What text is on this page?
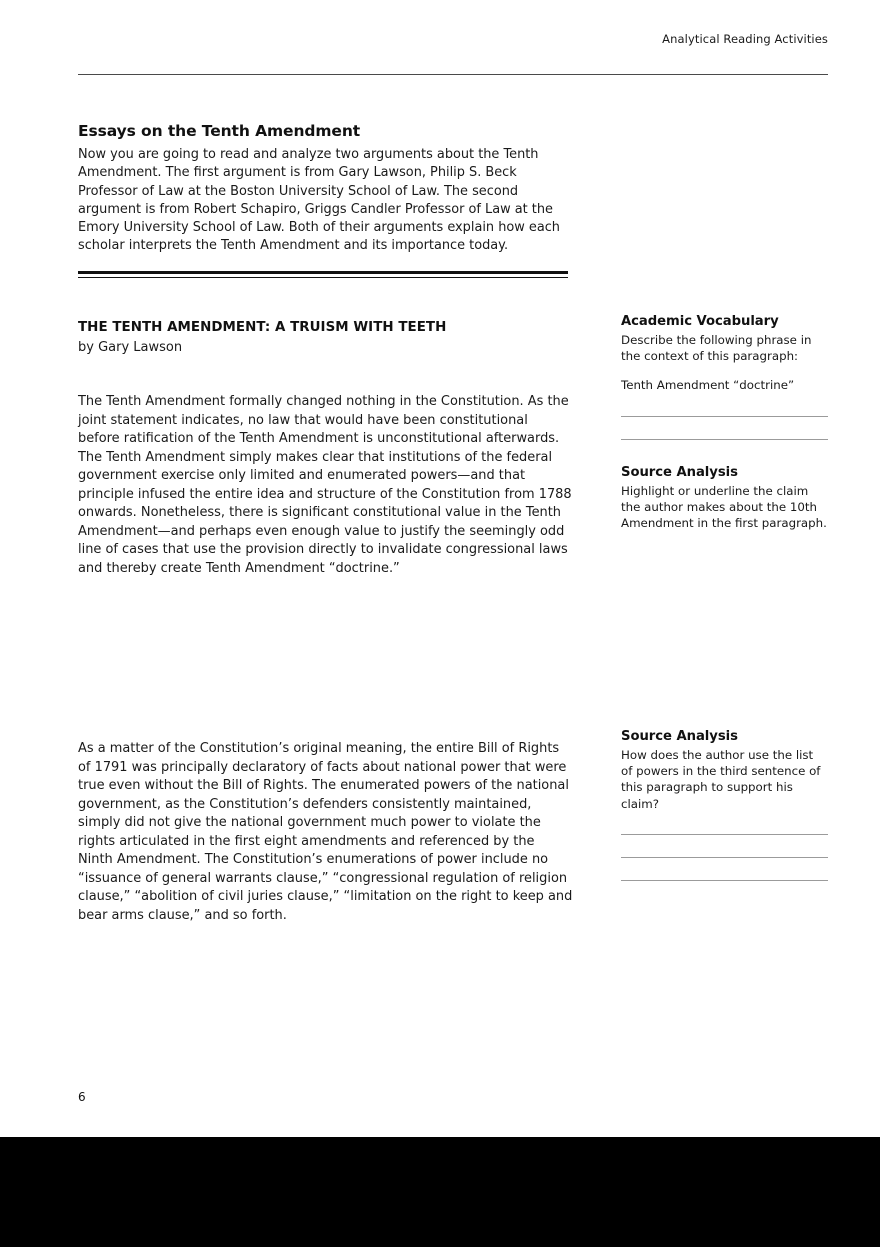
Analytical Reading Activities
Essays on the Tenth Amendment

Now you are going to read and analyze two arguments about the Tenth Amendment. The first argument is from Gary Lawson, Philip S. Beck Professor of Law at the Boston University School of Law. The second argument is from Robert Schapiro, Griggs Candler Professor of Law at the Emory University School of Law. Both of their arguments explain how each scholar interprets the Tenth Amendment and its importance today.

THE TENTH AMENDMENT: A TRUISM WITH TEETH
by Gary Lawson
The Tenth Amendment formally changed nothing in the Constitution. As the joint statement indicates, no law that would have been constitutional before ratification of the Tenth Amendment is unconstitutional afterwards. The Tenth Amendment simply makes clear that institutions of the federal government exercise only limited and enumerated powers—and that principle infused the entire idea and structure of the Constitution from 1788 onwards. Nonetheless, there is significant constitutional value in the Tenth Amendment—and perhaps even enough value to justify the seemingly odd line of cases that use the provision directly to invalidate congressional laws and thereby create Tenth Amendment “doctrine.”
As a matter of the Constitution’s original meaning, the entire Bill of Rights of 1791 was principally declaratory of facts about national power that were true even without the Bill of Rights. The enumerated powers of the national government, as the Constitution’s defenders consistently maintained, simply did not give the national government much power to violate the rights articulated in the first eight amendments and referenced by the Ninth Amendment. The Constitution’s enumerations of power include no “issuance of general warrants clause,” “congressional regulation of religion clause,” “abolition of civil juries clause,” “limitation on the right to keep and bear arms clause,” and so forth.
Academic Vocabulary

Describe the following phrase in the context of this paragraph:

Tenth Amendment “doctrine”

Source Analysis

Highlight or underline the claim the author makes about the 10th Amendment in the first paragraph.

Source Analysis

How does the author use the list of powers in the third sentence of this paragraph to support his claim?

6
